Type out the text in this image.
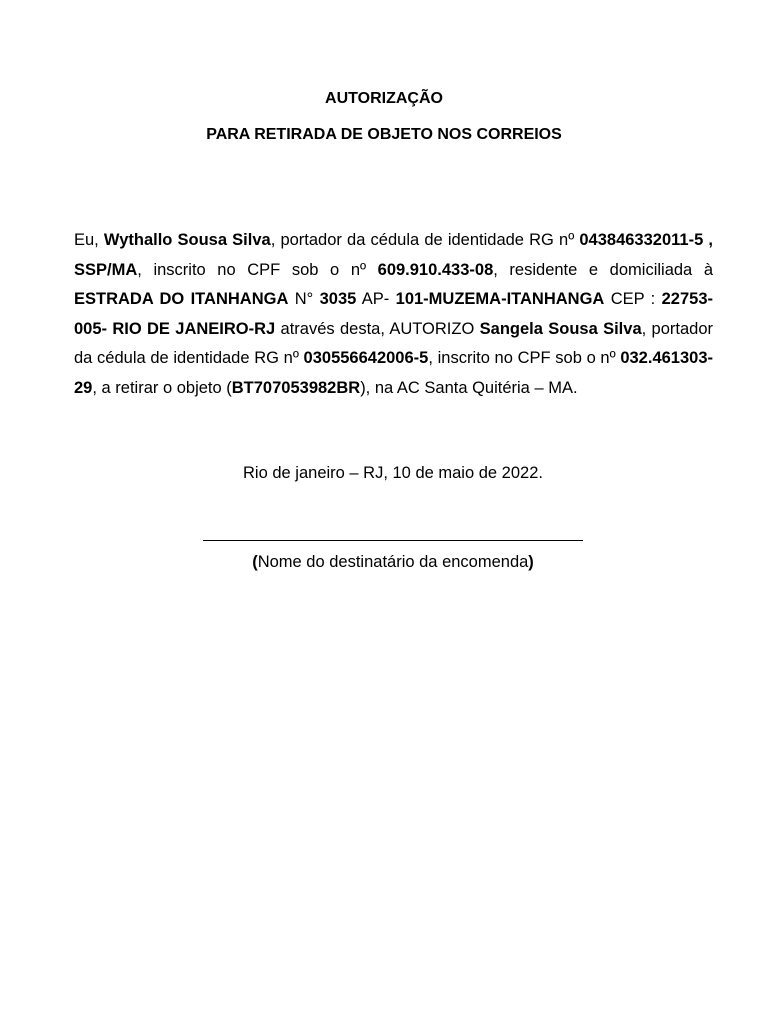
AUTORIZAÇÃO

PARA RETIRADA DE OBJETO NOS CORREIOS

Eu, Wythallo Sousa Silva, portador da cédula de identidade RG nº 043846332011-5 , SSP/MA, inscrito no CPF sob o nº 609.910.433-08, residente e domiciliada à ESTRADA DO ITANHANGA N° 3035 AP- 101-MUZEMA-ITANHANGA CEP : 22753-005- RIO DE JANEIRO-RJ através desta, AUTORIZO Sangela Sousa Silva, portador da cédula de identidade RG nº 030556642006-5, inscrito no CPF sob o nº 032.461303-29, a retirar o objeto (BT707053982BR), na AC Santa Quitéria – MA.

Rio de janeiro – RJ, 10 de maio de 2022.

(Nome do destinatário da encomenda)
